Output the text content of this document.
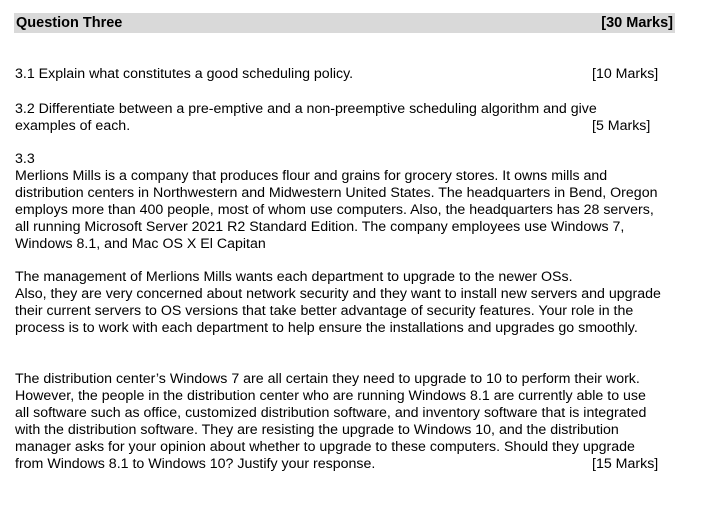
Question Three	[30 Marks]
3.1 Explain what constitutes a good scheduling policy.	[10 Marks]
3.2 Differentiate between a pre-emptive and a non-preemptive scheduling algorithm and give
examples of each.	[5 Marks]
3.3
Merlions Mills is a company that produces flour and grains for grocery stores. It owns mills and
distribution centers in Northwestern and Midwestern United States. The headquarters in Bend, Oregon
employs more than 400 people, most of whom use computers. Also, the headquarters has 28 servers,
all running Microsoft Server 2021 R2 Standard Edition. The company employees use Windows 7,
Windows 8.1, and Mac OS X El Capitan
The management of Merlions Mills wants each department to upgrade to the newer OSs.
Also, they are very concerned about network security and they want to install new servers and upgrade
their current servers to OS versions that take better advantage of security features. Your role in the
process is to work with each department to help ensure the installations and upgrades go smoothly.
The distribution center’s Windows 7 are all certain they need to upgrade to 10 to perform their work.
However, the people in the distribution center who are running Windows 8.1 are currently able to use
all software such as office, customized distribution software, and inventory software that is integrated
with the distribution software. They are resisting the upgrade to Windows 10, and the distribution
manager asks for your opinion about whether to upgrade to these computers. Should they upgrade
from Windows 8.1 to Windows 10? Justify your response.	[15 Marks]
